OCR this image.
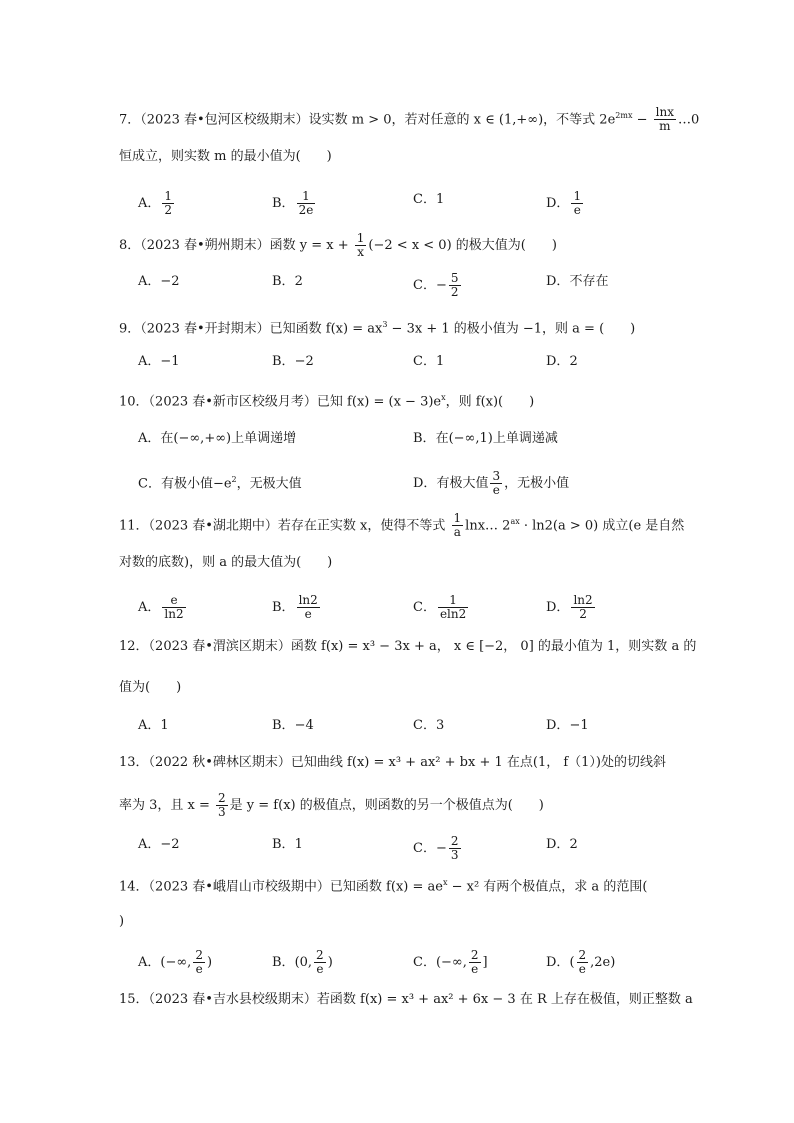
7．（2023 春•包河区校级期末）设实数 m > 0，若对任意的 x ∈ (1,+∞)，不等式 $2e^{2mx} - \frac{\ln x}{m}$ …0
恒成立，则实数 m 的最小值为(　　)
A． $\frac{1}{2}$	B． $\frac{1}{2e}$	C．1	D． $\frac{1}{e}$
8．（2023 春•朔州期末）函数 $y = x + \frac{1}{x} (-2 < x < 0)$ 的极大值为(　　)
A．−2	B．2	C．− $\frac{5}{2}$	D．不存在
9．（2023 春•开封期末）已知函数 $f(x) = ax^3 - 3x + 1$ 的极小值为 −1，则 a = (　　)
A．−1	B．−2	C．1	D．2
10．（2023 春•新市区校级月考）已知 $f(x) = (x - 3)e^x$，则 f(x)(　　)
A．在(−∞,+∞)上单调递增	B．在(−∞,1)上单调递减
C．有极小值$-e^2$，无极大值	D．有极大值 $\frac{3}{e}$ ，无极小值
11．（2023 春•湖北期中）若存在正实数 x，使得不等式 $\frac{1}{a}$ lnx… $2^{ax} \cdot \ln 2(a > 0)$ 成立(e 是自然
对数的底数)，则 a 的最大值为(　　)
A． $\frac{e}{\ln 2}$	B． $\frac{\ln 2}{e}$	C． $\frac{1}{eln2}$	D． $\frac{\ln 2}{2}$
12．（2023 春•渭滨区期末）函数 f(x) = x³ − 3x + a， x ∈ [−2， 0] 的最小值为 1，则实数 a 的
值为(　　)
A．1	B．−4	C．3	D．−1
13．（2022 秋•碑林区期末）已知曲线 f(x) = x³ + ax² + bx + 1 在点(1， f（1）)处的切线斜
率为 3，且 $x = \frac{2}{3}$ 是 y = f(x) 的极值点，则函数的另一个极值点为(　　)
A．−2	B．1	C．− $\frac{2}{3}$	D．2
14．（2023 春•峨眉山市校级期中）已知函数 $f(x) = ae^x - x^2$ 有两个极值点，求 a 的范围(
)
A．(−∞, $\frac{2}{e}$ )	B．(0, $\frac{2}{e}$ )	C．(−∞, $\frac{2}{e}$ ]	D．( $\frac{2}{e} ,2e$)
15．（2023 春•吉水县校级期末）若函数 f(x) = x³ + ax² + 6x − 3 在 R 上存在极值，则正整数 a
